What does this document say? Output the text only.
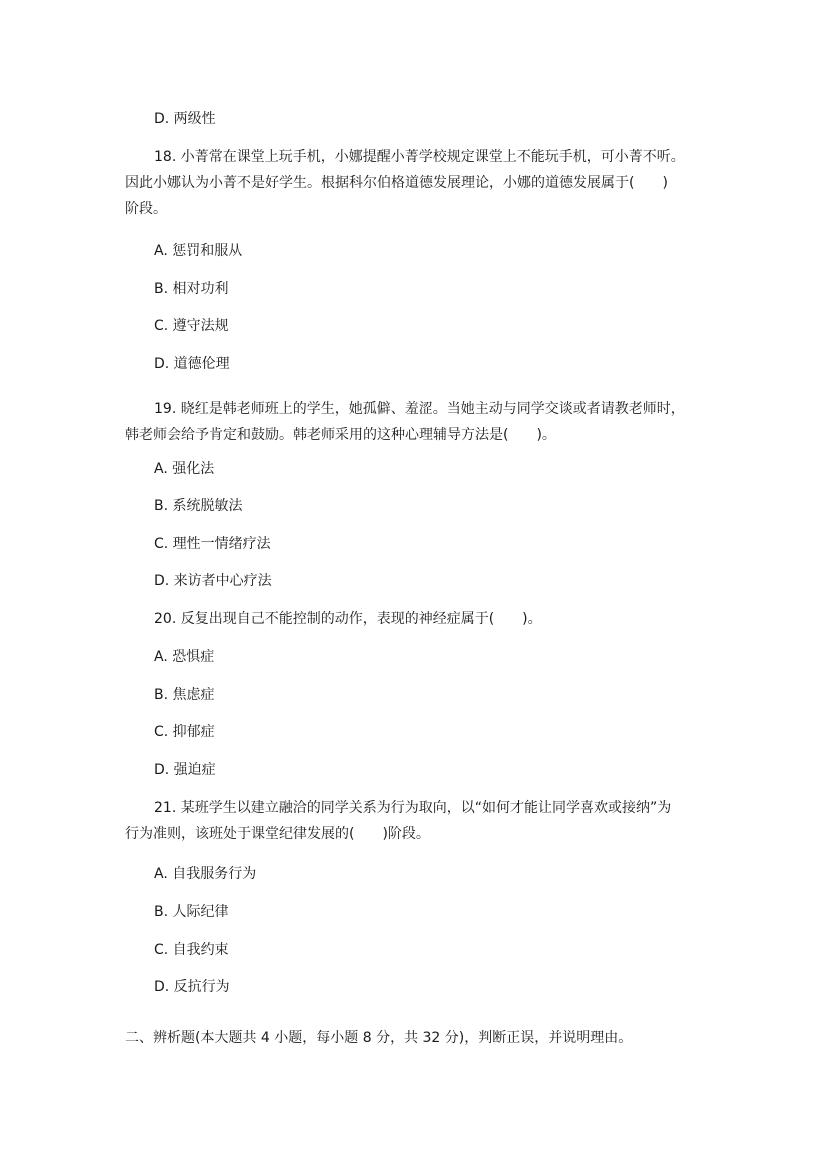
D. 两级性
18. 小菁常在课堂上玩手机，小娜提醒小菁学校规定课堂上不能玩手机，可小菁不听。
因此小娜认为小菁不是好学生。根据科尔伯格道德发展理论，小娜的道德发展属于(　　)
阶段。
A. 惩罚和服从
B. 相对功利
C. 遵守法规
D. 道德伦理
19. 晓红是韩老师班上的学生，她孤僻、羞涩。当她主动与同学交谈或者请教老师时，
韩老师会给予肯定和鼓励。韩老师采用的这种心理辅导方法是(　　)。
A. 强化法
B. 系统脱敏法
C. 理性一情绪疗法
D. 来访者中心疗法
20. 反复出现自己不能控制的动作，表现的神经症属于(　　)。
A. 恐惧症
B. 焦虑症
C. 抑郁症
D. 强迫症
21. 某班学生以建立融洽的同学关系为行为取向，以“如何才能让同学喜欢或接纳”为
行为准则，该班处于课堂纪律发展的(　　)阶段。
A. 自我服务行为
B. 人际纪律
C. 自我约束
D. 反抗行为
二、辨析题(本大题共 4 小题，每小题 8 分，共 32 分)，判断正误，并说明理由。
